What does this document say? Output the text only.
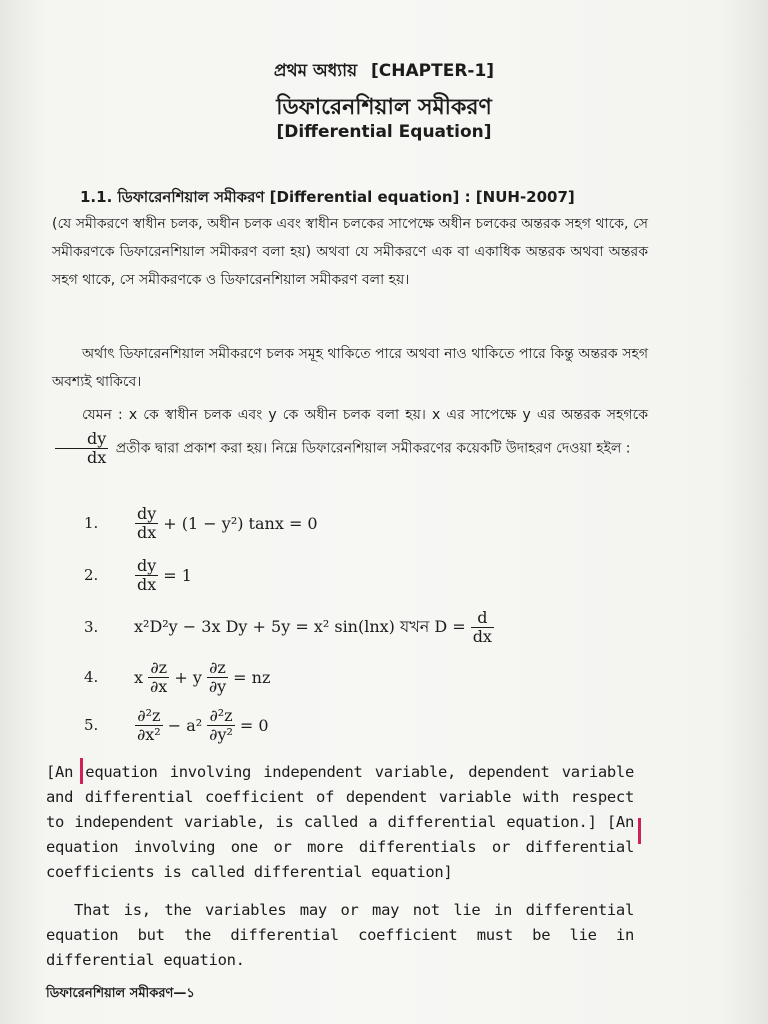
প্রথম অধ্যায় [CHAPTER-1]
ডিফারেনশিয়াল সমীকরণ
[Differential Equation]
1.1. ডিফারেনশিয়াল সমীকরণ [Differential equation] : [NUH-2007]
(যে সমীকরণে স্বাধীন চলক, অধীন চলক এবং স্বাধীন চলকের সাপেক্ষে অধীন চলকের অন্তরক সহগ থাকে, সে সমীকরণকে ডিফারেনশিয়াল সমীকরণ বলা হয়) অথবা যে সমীকরণে এক বা একাধিক অন্তরক অথবা অন্তরক সহগ থাকে, সে সমীকরণকে ও ডিফারেনশিয়াল সমীকরণ বলা হয়।
অর্থাৎ ডিফারেনশিয়াল সমীকরণে চলক সমূহ থাকিতে পারে অথবা নাও থাকিতে পারে কিন্তু অন্তরক সহগ অবশ্যই থাকিবে।
যেমন : x কে স্বাধীন চলক এবং y কে অধীন চলক বলা হয়। x এর সাপেক্ষে y এর অন্তরক সহগকে
$\frac{dy}{dx}$ প্রতীক দ্বারা প্রকাশ করা হয়। নিম্নে ডিফারেনশিয়াল সমীকরণের কয়েকটি উদাহরণ দেওয়া হইল :
1.	$\frac{dy}{dx} + (1 - y^2) \tan x = 0$
2.	$\frac{dy}{dx} = 1$
3.	x²D²y − 3x Dy + 5y = x² sin(lnx) যখন $D = \frac{d}{dx}$
4.	x $\frac{\partial z}{\partial x} + y \frac{\partial z}{\partial y}$ = nz
5.	$\frac{\text{∂²z}}{\text{∂x²}} - a^2 \frac{\text{∂²z}}{\text{∂y²}} = 0$
[An equation involving independent variable, dependent variable and differential coefficient of dependent variable with respect to independent variable, is called a differential equation.] [An equation involving one or more differentials or differential coefficients is called differential equation]
That is, the variables may or may not lie in differential equation but the differential coefficient must be lie in differential equation.
ডিফারেনশিয়াল সমীকরণ—১
